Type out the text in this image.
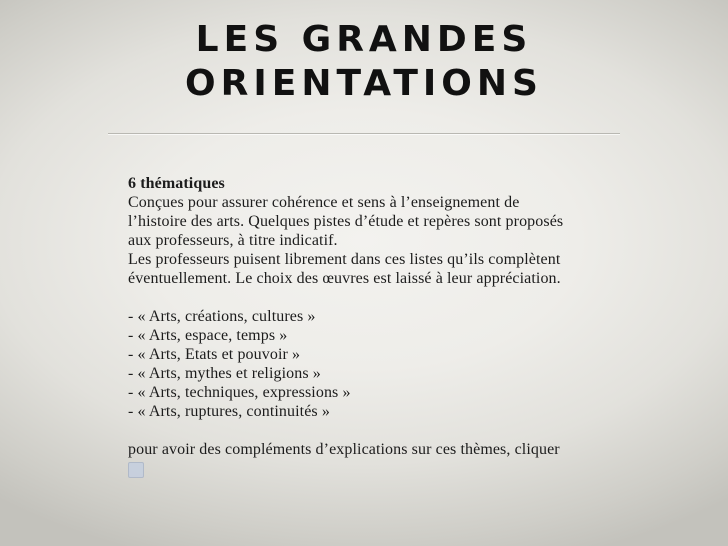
LES GRANDES
ORIENTATIONS
6 thématiques
Conçues pour assurer cohérence et sens à l’enseignement de
l’histoire des arts. Quelques pistes d’étude et repères sont proposés
aux professeurs, à titre indicatif.
Les professeurs puisent librement dans ces listes qu’ils complètent
éventuellement. Le choix des œuvres est laissé à leur appréciation.
- « Arts, créations, cultures »
- « Arts, espace, temps »
- « Arts, Etats et pouvoir »
- « Arts, mythes et religions »
- « Arts, techniques, expressions »
- « Arts, ruptures, continuités »
pour avoir des compléments d’explications sur ces thèmes, cliquer
